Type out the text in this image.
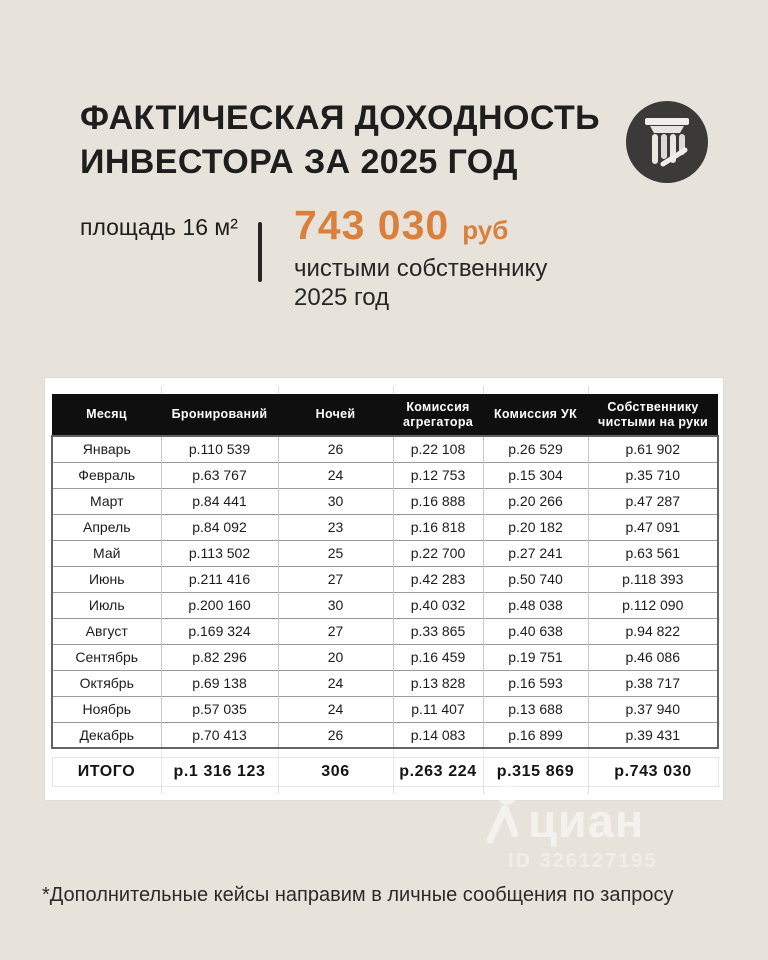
ФАКТИЧЕСКАЯ ДОХОДНОСТЬ
ИНВЕСТОРА ЗА 2025 ГОД
площадь 16 м² 743 030 руб
чистыми собственнику
2025 год

Месяц	Бронирований	Ночей	Комиссия агрегатора	Комиссия УК	Собственнику чистыми на руки
Январь	р.110 539	26	р.22 108	р.26 529	р.61 902
Февраль	р.63 767	24	р.12 753	р.15 304	р.35 710
Март	р.84 441	30	р.16 888	р.20 266	р.47 287
Апрель	р.84 092	23	р.16 818	р.20 182	р.47 091
Май	р.113 502	25	р.22 700	р.27 241	р.63 561
Июнь	р.211 416	27	р.42 283	р.50 740	р.118 393
Июль	р.200 160	30	р.40 032	р.48 038	р.112 090
Август	р.169 324	27	р.33 865	р.40 638	р.94 822
Сентябрь	р.82 296	20	р.16 459	р.19 751	р.46 086
Октябрь	р.69 138	24	р.13 828	р.16 593	р.38 717
Ноябрь	р.57 035	24	р.11 407	р.13 688	р.37 940
Декабрь	р.70 413	26	р.14 083	р.16 899	р.39 431

ИТОГО	р.1 316 123	306	р.263 224	р.315 869	р.743 030

циан
ID 326127195
*Дополнительные кейсы направим в личные сообщения по запросу
